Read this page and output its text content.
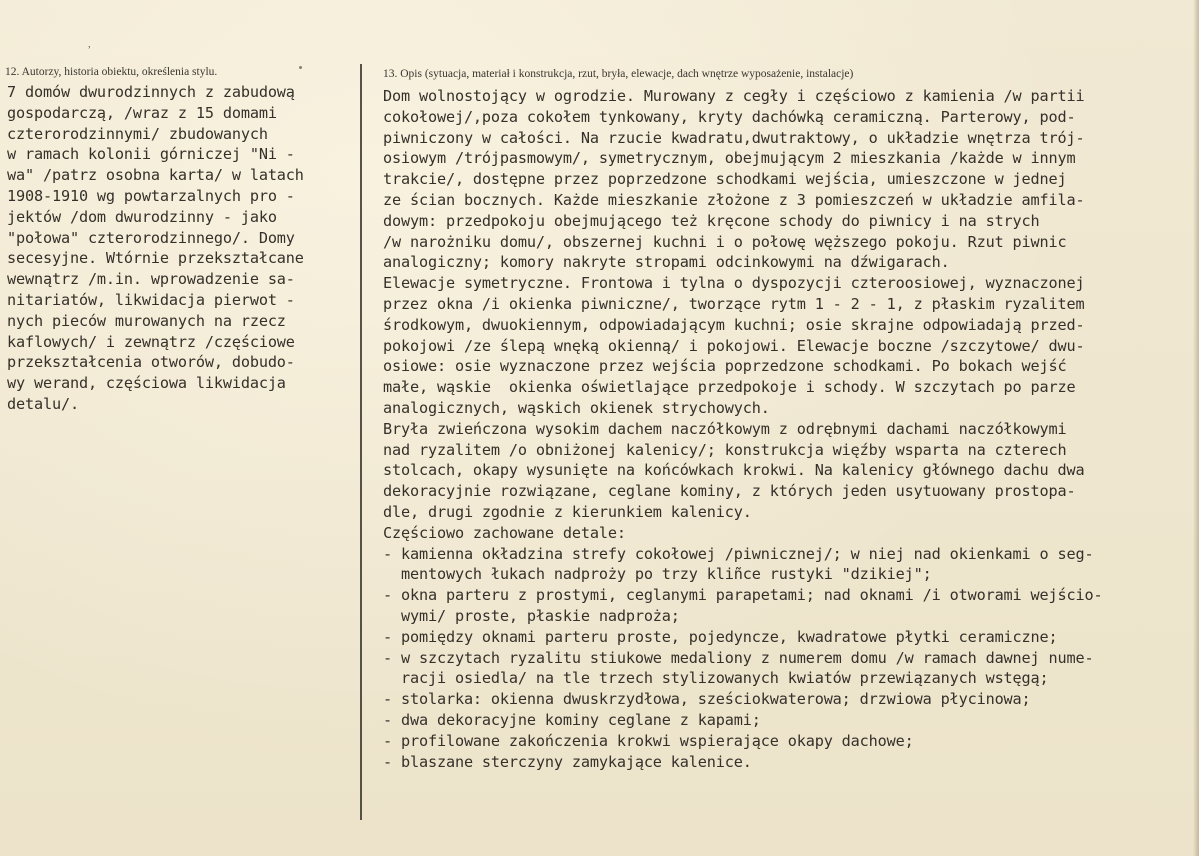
,
12. Autorzy, historia obiektu, określenia stylu.	13. Opis (sytuacja, materiał i konstrukcja, rzut, bryła, elewacje, dach wnętrze wyposażenie, instalacje)
7 domów dwurodzinnych z zabudową
gospodarczą, /wraz z 15 domami
czterorodzinnymi/ zbudowanych
w ramach kolonii górniczej "Ni -
wa" /patrz osobna karta/ w latach
1908-1910 wg powtarzalnych pro -
jektów /dom dwurodzinny - jako
"połowa" czterorodzinnego/. Domy
secesyjne. Wtórnie przekształcane
wewnątrz /m.in. wprowadzenie sa-
nitariatów, likwidacja pierwot -
nych pieców murowanych na rzecz
kaflowych/ i zewnątrz /częściowe
przekształcenia otworów, dobudo-
wy werand, częściowa likwidacja
detalu/.
Dom wolnostojący w ogrodzie. Murowany z cegły i częściowo z kamienia /w partii
cokołowej/,poza cokołem tynkowany, kryty dachówką ceramiczną. Parterowy, pod-
piwniczony w całości. Na rzucie kwadratu,dwutraktowy, o układzie wnętrza trój-
osiowym /trójpasmowym/, symetrycznym, obejmującym 2 mieszkania /każde w innym
trakcie/, dostępne przez poprzedzone schodkami wejścia, umieszczone w jednej
ze ścian bocznych. Każde mieszkanie złożone z 3 pomieszczeń w układzie amfila-
dowym: przedpokoju obejmującego też kręcone schody do piwnicy i na strych
/w narożniku domu/, obszernej kuchni i o połowę węższego pokoju. Rzut piwnic
analogiczny; komory nakryte stropami odcinkowymi na dźwigarach.
Elewacje symetryczne. Frontowa i tylna o dyspozycji czteroosiowej, wyznaczonej
przez okna /i okienka piwniczne/, tworzące rytm 1 - 2 - 1, z płaskim ryzalitem
środkowym, dwuokiennym, odpowiadającym kuchni; osie skrajne odpowiadają przed-
pokojowi /ze ślepą wnęką okienną/ i pokojowi. Elewacje boczne /szczytowe/ dwu-
osiowe: osie wyznaczone przez wejścia poprzedzone schodkami. Po bokach wejść
małe, wąskie  okienka oświetlające przedpokoje i schody. W szczytach po parze
analogicznych, wąskich okienek strychowych.
Bryła zwieńczona wysokim dachem naczółkowym z odrębnymi dachami naczółkowymi
nad ryzalitem /o obniżonej kalenicy/; konstrukcja więźby wsparta na czterech
stolcach, okapy wysunięte na końcówkach krokwi. Na kalenicy głównego dachu dwa
dekoracyjnie rozwiązane, ceglane kominy, z których jeden usytuowany prostopa-
dle, drugi zgodnie z kierunkiem kalenicy.
Częściowo zachowane detale:
- kamienna okładzina strefy cokołowej /piwnicznej/; w niej nad okienkami o seg-
mentowych łukach nadproży po trzy kliñce rustyki "dzikiej";
- okna parteru z prostymi, ceglanymi parapetami; nad oknami /i otworami wejścio-
wymi/ proste, płaskie nadproża;
- pomiędzy oknami parteru proste, pojedyncze, kwadratowe płytki ceramiczne;
- w szczytach ryzalitu stiukowe medaliony z numerem domu /w ramach dawnej nume-
racji osiedla/ na tle trzech stylizowanych kwiatów przewiązanych wstęgą;
- stolarka: okienna dwuskrzydłowa, sześciokwaterowa; drzwiowa płycinowa;
- dwa dekoracyjne kominy ceglane z kapami;
- profilowane zakończenia krokwi wspierające okapy dachowe;
- blaszane sterczyny zamykające kalenice.
